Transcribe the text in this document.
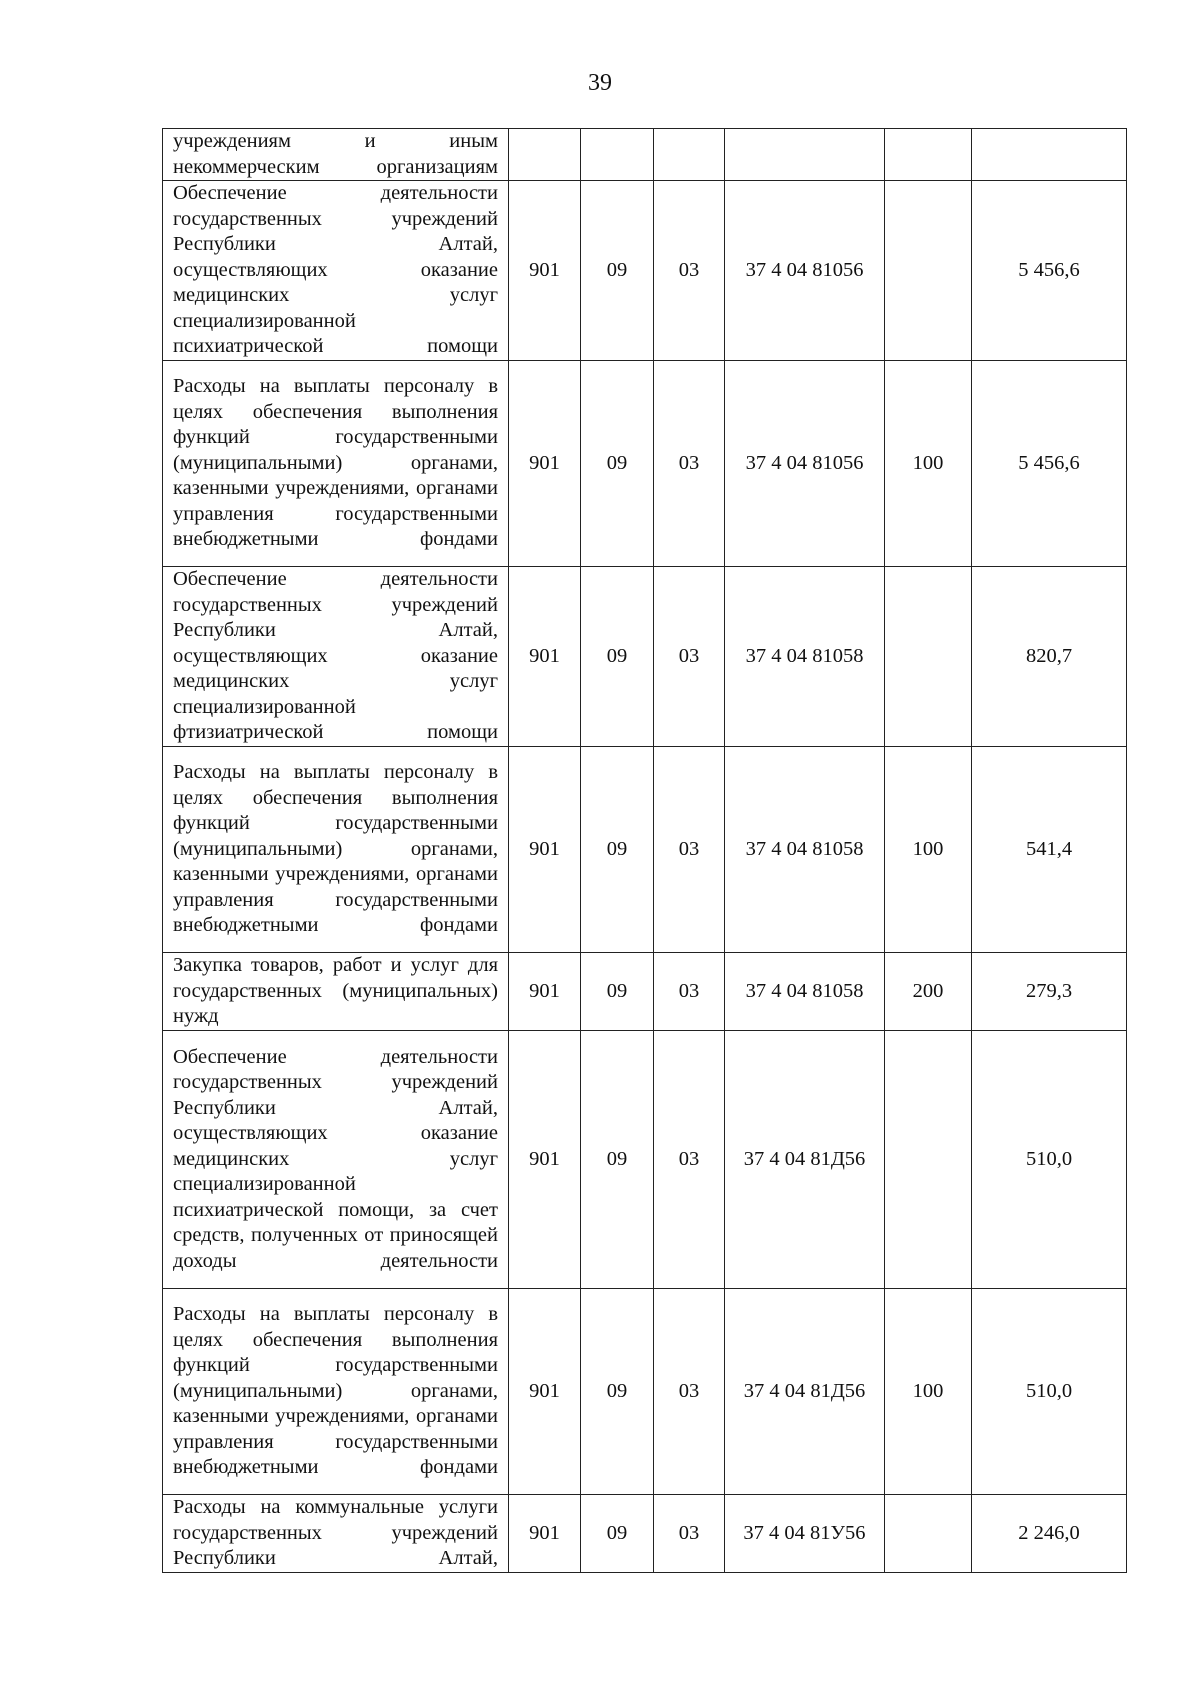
39
учреждениям и иным некоммерческим организациям						
Обеспечение деятельности государственных учреждений Республики Алтай, осуществляющих оказание медицинских услуг специализированной психиатрической помощи	901	09	03	37 4 04 81056		5 456,6
Расходы на выплаты персоналу в целях обеспечения выполнения функций государственными (муниципальными) органами, казенными учреждениями, органами управления государственными внебюджетными фондами	901	09	03	37 4 04 81056	100	5 456,6
Обеспечение деятельности государственных учреждений Республики Алтай, осуществляющих оказание медицинских услуг специализированной фтизиатрической помощи	901	09	03	37 4 04 81058		820,7
Расходы на выплаты персоналу в целях обеспечения выполнения функций государственными (муниципальными) органами, казенными учреждениями, органами управления государственными внебюджетными фондами	901	09	03	37 4 04 81058	100	541,4
Закупка товаров, работ и услуг для государственных (муниципальных) нужд	901	09	03	37 4 04 81058	200	279,3
Обеспечение деятельности государственных учреждений Республики Алтай, осуществляющих оказание медицинских услуг специализированной психиатрической помощи, за счет средств, полученных от приносящей доходы деятельности	901	09	03	37 4 04 81Д56		510,0
Расходы на выплаты персоналу в целях обеспечения выполнения функций государственными (муниципальными) органами, казенными учреждениями, органами управления государственными внебюджетными фондами	901	09	03	37 4 04 81Д56	100	510,0
Расходы на коммунальные услуги государственных учреждений Республики Алтай,	901	09	03	37 4 04 81У56		2 246,0
